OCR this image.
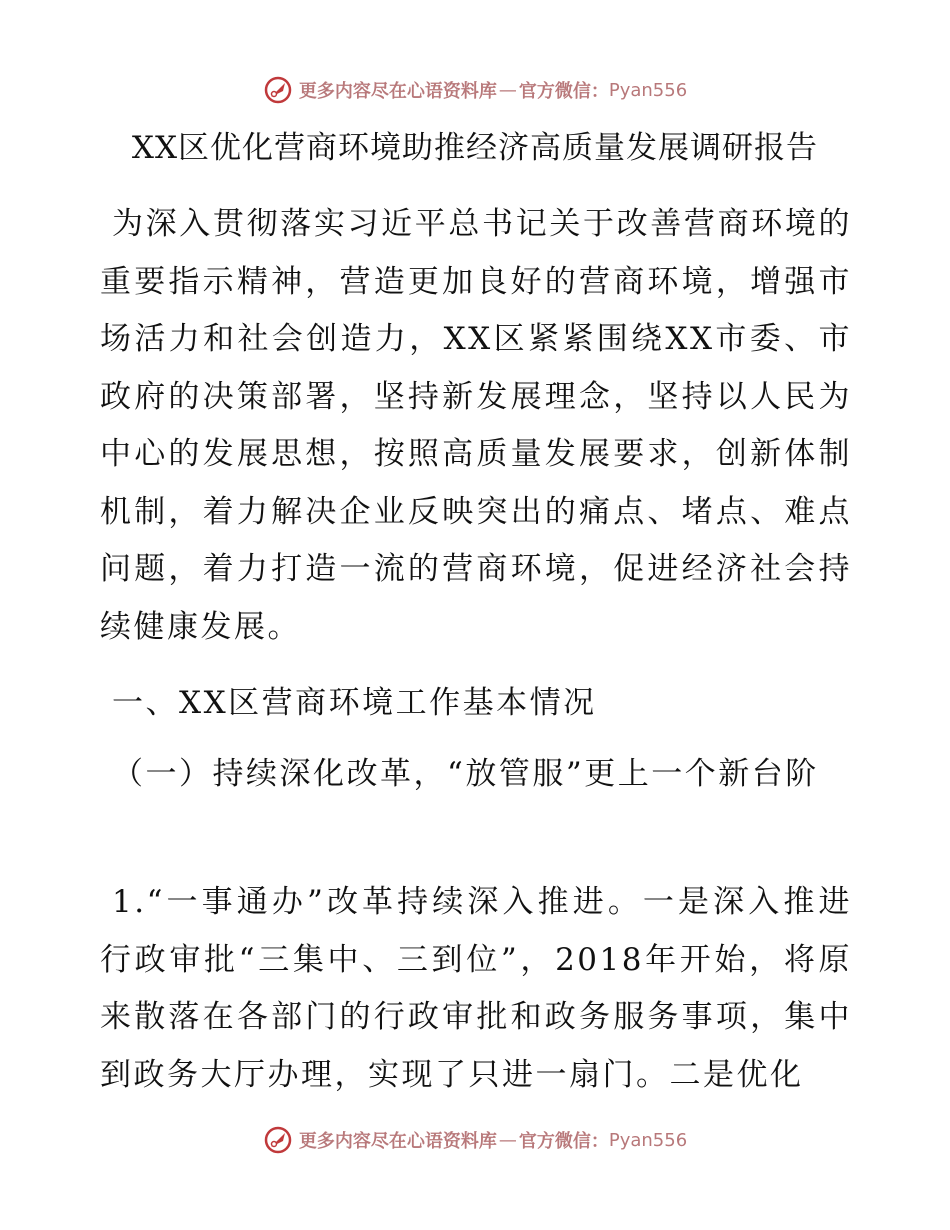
更多内容尽在心语资料库 — 官方微信： Pyan556
XX区优化营商环境助推经济高质量发展调研报告

为深入贯彻落实习近平总书记关于改善营商环境的重要指示精神，营造更加良好的营商环境，增强市场活力和社会创造力，XX区紧紧围绕XX市委、市政府的决策部署，坚持新发展理念，坚持以人民为中心的发展思想，按照高质量发展要求，创新体制机制，着力解决企业反映突出的痛点、堵点、难点问题，着力打造一流的营商环境，促进经济社会持续健康发展。

一、XX区营商环境工作基本情况

（一）持续深化改革，“放管服”更上一个新台阶

1.“一事通办”改革持续深入推进。一是深入推进行政审批“三集中、三到位”，2018年开始，将原来散落在各部门的行政审批和政务服务事项，集中到政务大厅办理，实现了只进一扇门。二是优化

更多内容尽在心语资料库 — 官方微信： Pyan556
